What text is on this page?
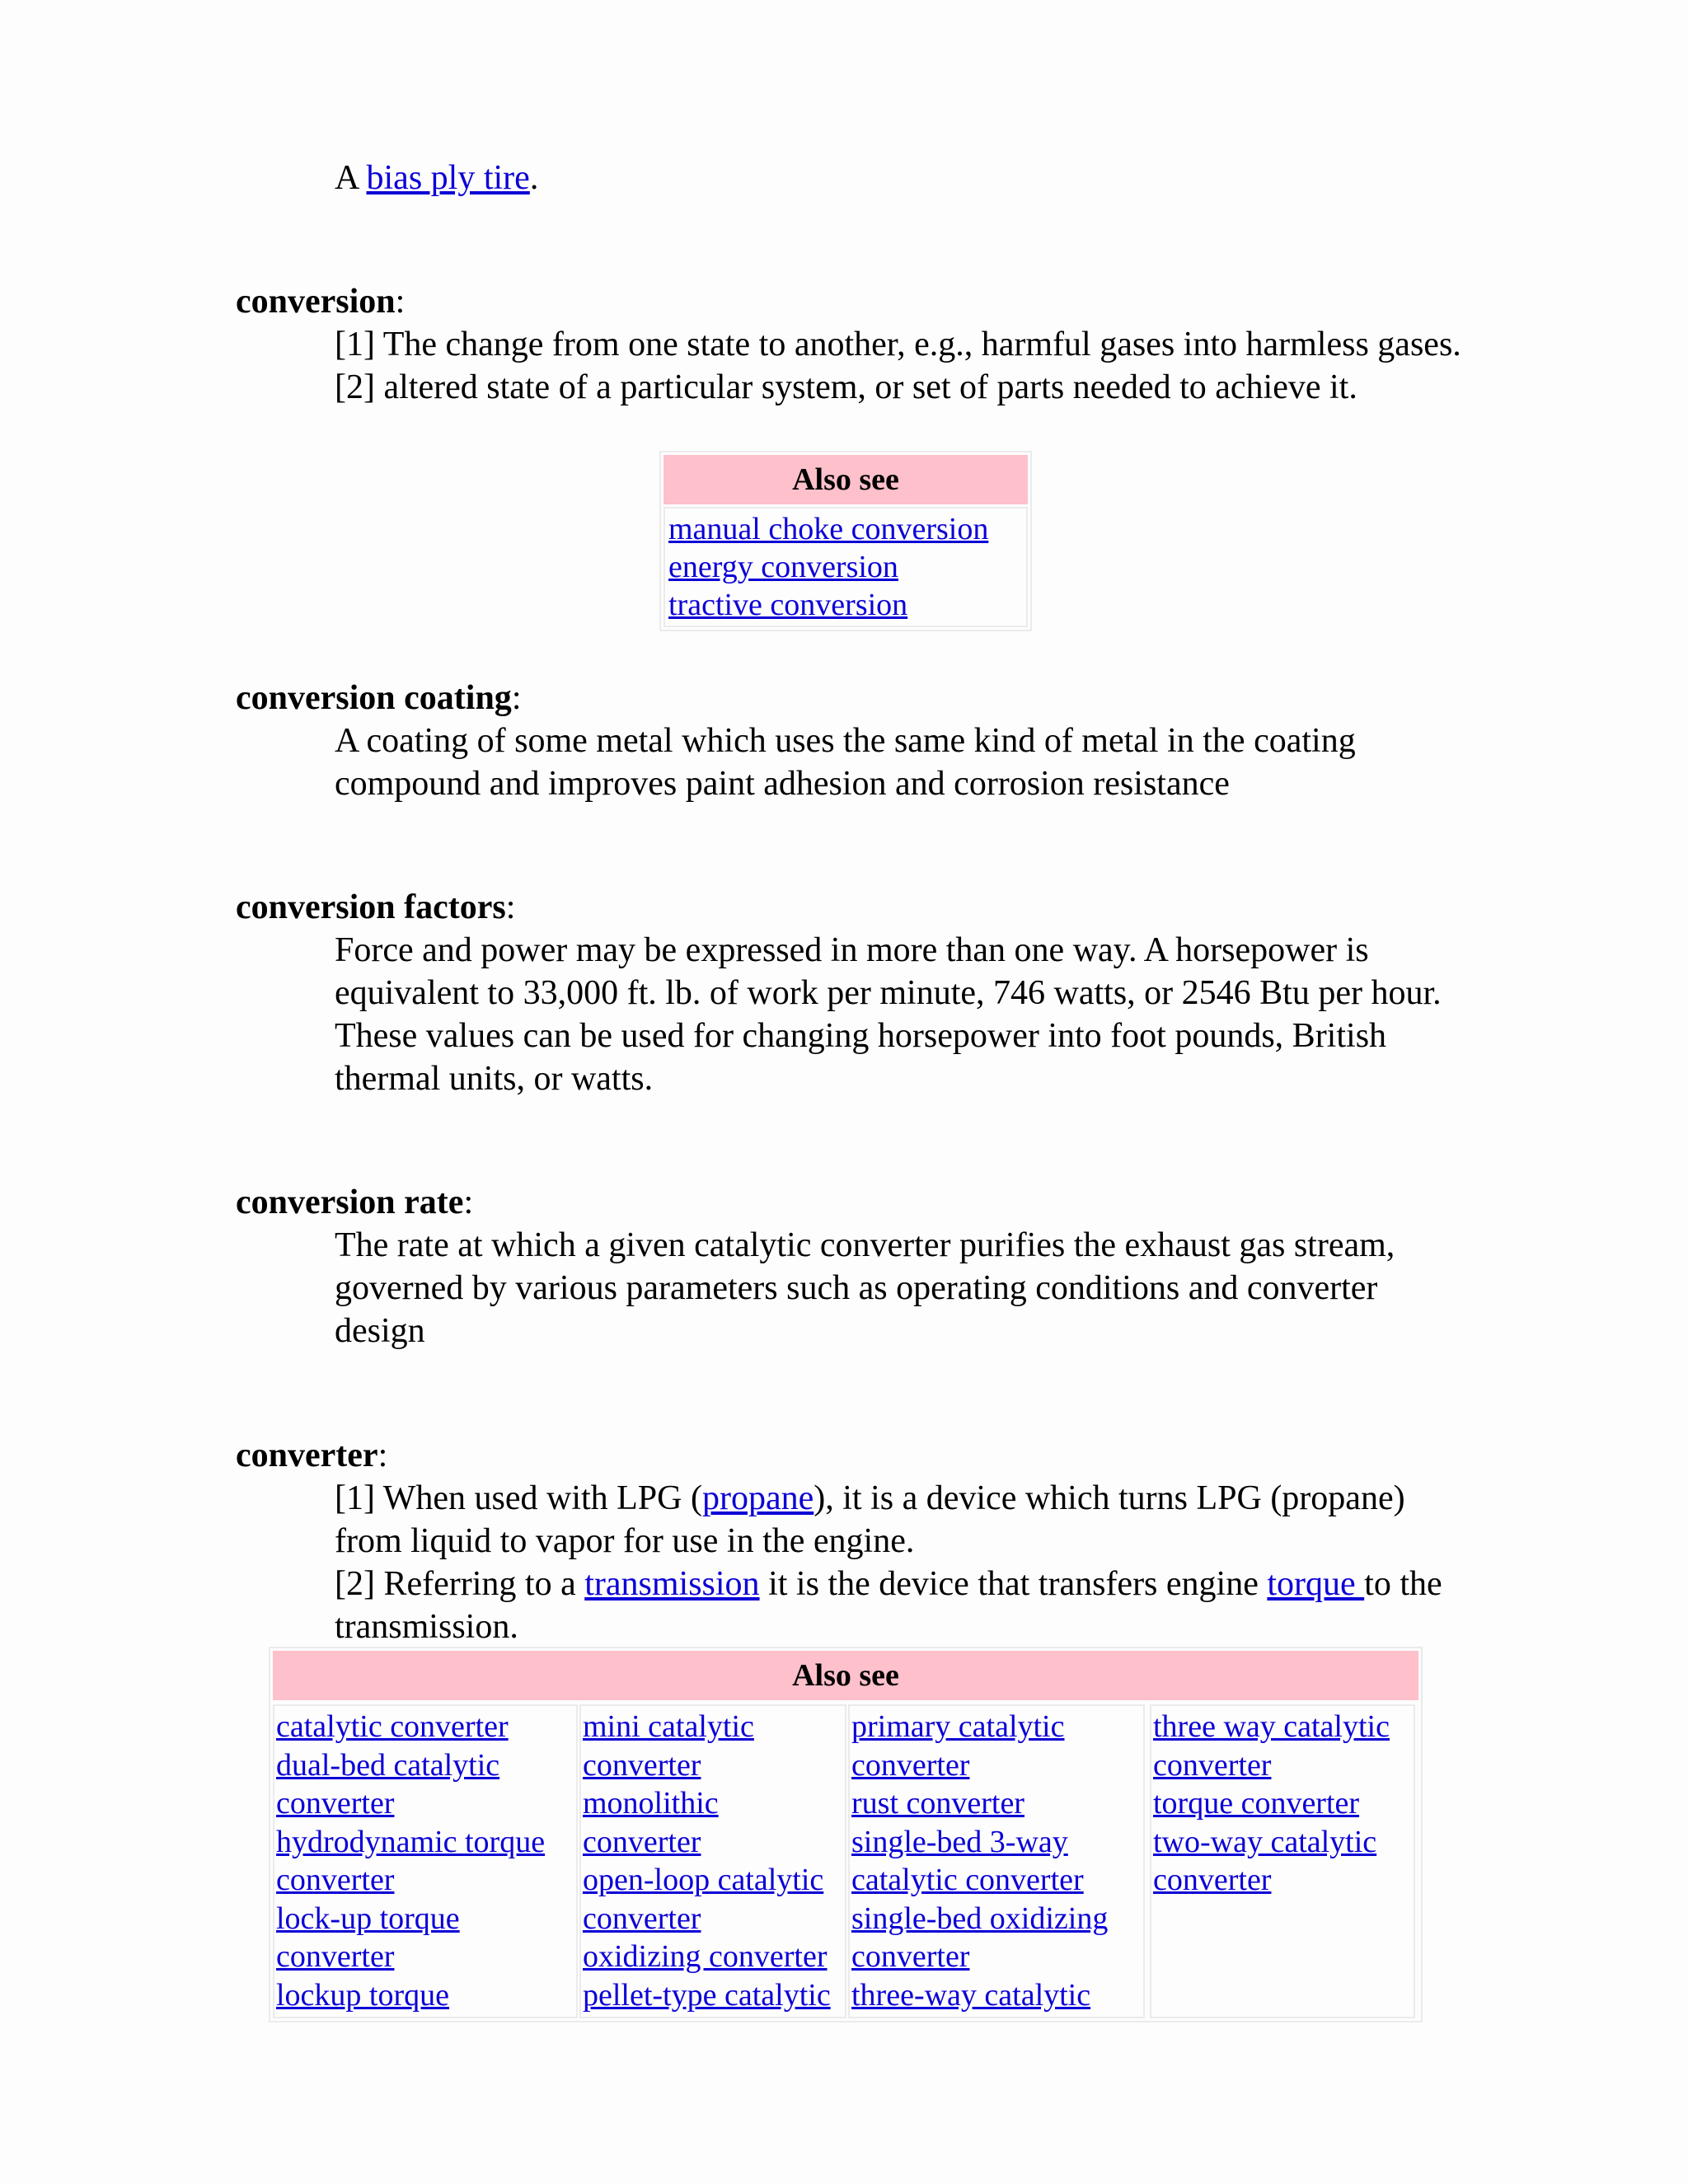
A bias ply tire.
conversion:

[1] The change from one state to another, e.g., harmful gases into harmless gases.

[2] altered state of a particular system, or set of parts needed to achieve it.

Also see
manual choke conversion
energy conversion
tractive conversion
conversion coating:

A coating of some metal which uses the same kind of metal in the coating compound and improves paint adhesion and corrosion resistance

conversion factors:

Force and power may be expressed in more than one way. A horsepower is equivalent to 33,000 ft. lb. of work per minute, 746 watts, or 2546 Btu per hour. These values can be used for changing horsepower into foot pounds, British thermal units, or watts.

conversion rate:

The rate at which a given catalytic converter purifies the exhaust gas stream, governed by various parameters such as operating conditions and converter design

converter:

[1] When used with LPG (propane), it is a device which turns LPG (propane) from liquid to vapor for use in the engine.

[2] Referring to a transmission it is the device that transfers engine torque to the transmission.

Also see
catalytic converter
dual-bed catalytic
converter
hydrodynamic torque
converter
lock-up torque
converter
lockup torque
mini catalytic
converter
monolithic
converter
open-loop catalytic
converter
oxidizing converter
pellet-type catalytic
primary catalytic
converter
rust converter
single-bed 3-way
catalytic converter
single-bed oxidizing
converter
three-way catalytic
three way catalytic
converter
torque converter
two-way catalytic
converter
